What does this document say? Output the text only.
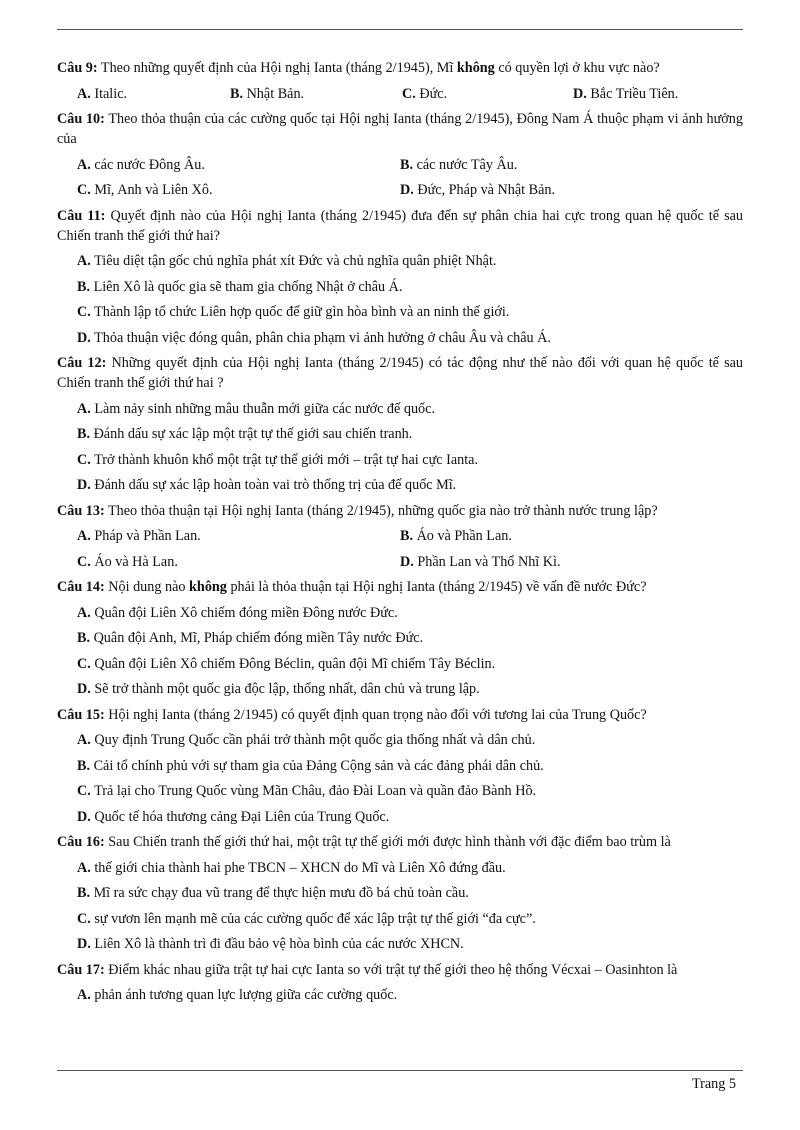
Câu 9: Theo những quyết định của Hội nghị Ianta (tháng 2/1945), Mĩ không có quyền lợi ở khu vực nào?
A. Italic.	B. Nhật Bản.	C. Đức.	D. Bắc Triều Tiên.
Câu 10: Theo thỏa thuận của các cường quốc tại Hội nghị Ianta (tháng 2/1945), Đông Nam Á thuộc phạm vi ảnh hưởng của
A. các nước Đông Âu.	B. các nước Tây Âu.
C. Mĩ, Anh và Liên Xô.	D. Đức, Pháp và Nhật Bản.
Câu 11: Quyết định nào của Hội nghị Ianta (tháng 2/1945) đưa đến sự phân chia hai cực trong quan hệ quốc tế sau Chiến tranh thế giới thứ hai?
A. Tiêu diệt tận gốc chủ nghĩa phát xít Đức và chủ nghĩa quân phiệt Nhật.
B. Liên Xô là quốc gia sẽ tham gia chống Nhật ở châu Á.
C. Thành lập tổ chức Liên hợp quốc để giữ gìn hòa bình và an ninh thế giới.
D. Thỏa thuận việc đóng quân, phân chia phạm vi ảnh hưởng ở châu Âu và châu Á.
Câu 12: Những quyết định của Hội nghị Ianta (tháng 2/1945) có tác động như thế nào đối với quan hệ quốc tế sau Chiến tranh thế giới thứ hai ?
A. Làm nảy sinh những mâu thuẫn mới giữa các nước đế quốc.
B. Đánh dấu sự xác lập một trật tự thế giới sau chiến tranh.
C. Trở thành khuôn khổ một trật tự thế giới mới – trật tự hai cực Ianta.
D. Đánh dấu sự xác lập hoàn toàn vai trò thống trị của đế quốc Mĩ.
Câu 13: Theo thỏa thuận tại Hội nghị Ianta (tháng 2/1945), những quốc gia nào trở thành nước trung lập?
A. Pháp và Phần Lan.	B. Áo và Phần Lan.
C. Áo và Hà Lan.	D. Phần Lan và Thổ Nhĩ Kì.
Câu 14: Nội dung nào không phải là thỏa thuận tại Hội nghị Ianta (tháng 2/1945) về vấn đề nước Đức?
A. Quân đội Liên Xô chiếm đóng miền Đông nước Đức.
B. Quân đội Anh, Mĩ, Pháp chiếm đóng miền Tây nước Đức.
C. Quân đội Liên Xô chiếm Đông Béclin, quân đội Mĩ chiếm Tây Béclin.
D. Sẽ trở thành một quốc gia độc lập, thống nhất, dân chủ và trung lập.
Câu 15: Hội nghị Ianta (tháng 2/1945) có quyết định quan trọng nào đối với tương lai của Trung Quốc?
A. Quy định Trung Quốc cần phải trở thành một quốc gia thống nhất và dân chủ.
B. Cải tổ chính phủ với sự tham gia của Đảng Cộng sản và các đảng phái dân chủ.
C. Trả lại cho Trung Quốc vùng Mãn Châu, đảo Đài Loan và quần đảo Bành Hồ.
D. Quốc tế hóa thương cảng Đại Liên của Trung Quốc.
Câu 16: Sau Chiến tranh thế giới thứ hai, một trật tự thế giới mới được hình thành với đặc điểm bao trùm là
A. thế giới chia thành hai phe TBCN – XHCN do Mĩ và Liên Xô đứng đầu.
B. Mĩ ra sức chạy đua vũ trang để thực hiện mưu đồ bá chủ toàn cầu.
C. sự vươn lên mạnh mẽ của các cường quốc để xác lập trật tự thế giới “đa cực”.
D. Liên Xô là thành trì đi đầu bảo vệ hòa bình của các nước XHCN.
Câu 17: Điểm khác nhau giữa trật tự hai cực Ianta so với trật tự thế giới theo hệ thống Vécxai – Oasinhton là
A. phản ánh tương quan lực lượng giữa các cường quốc.
Trang 5
